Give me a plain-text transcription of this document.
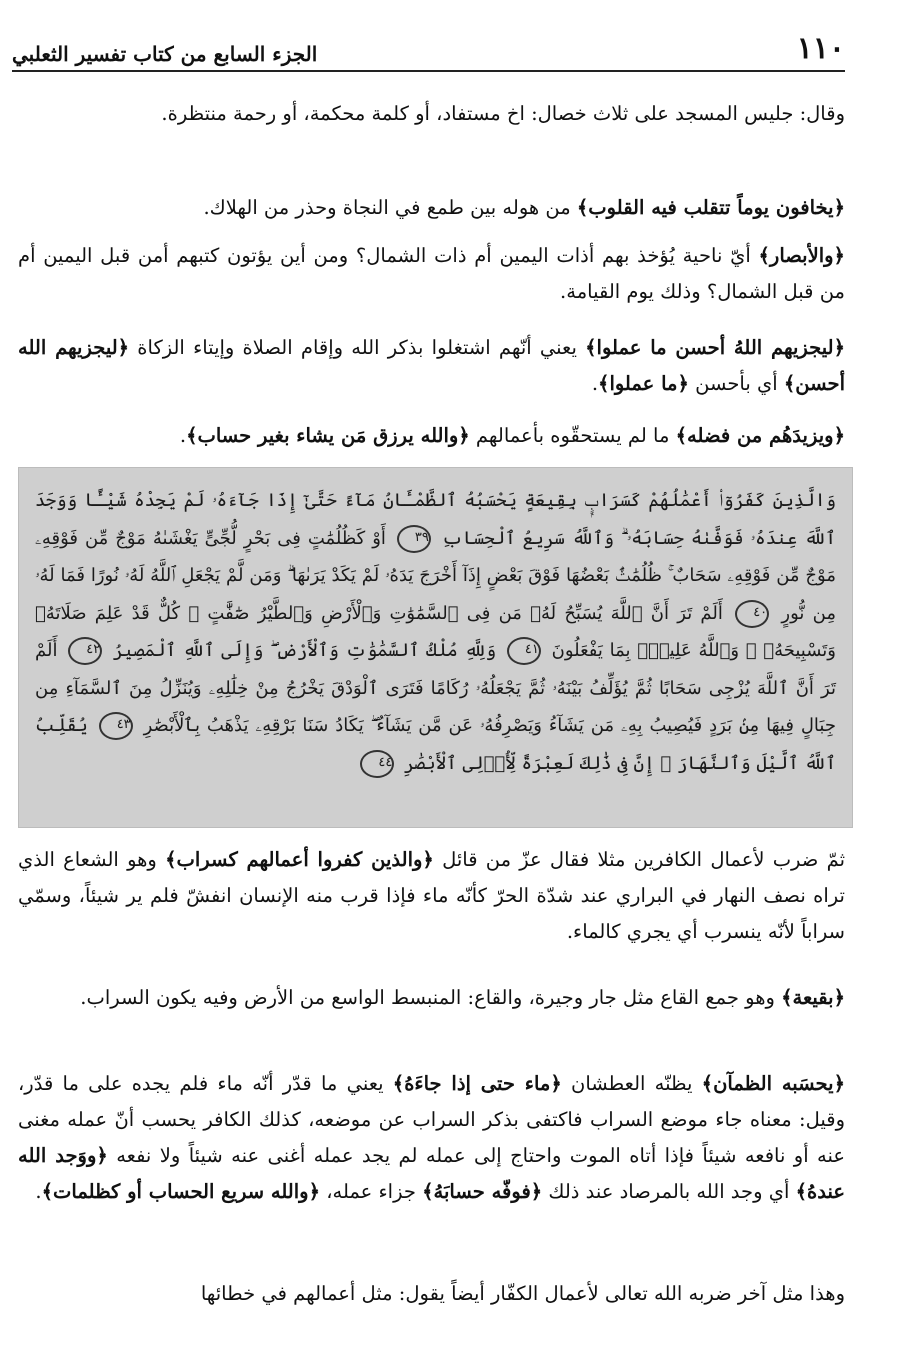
١١٠
الجزء السابع من كتاب تفسير الثعلبي
وقال: جليس المسجد على ثلاث خصال: اخ مستفاد، أو كلمة محكمة، أو رحمة منتظرة.
﴿يخافون يوماً تتقلب فيه القلوب﴾ من هوله بين طمع في النجاة وحذر من الهلاك.
﴿والأبصار﴾ أيّ ناحية يُؤخذ بهم أذات اليمين أم ذات الشمال؟ ومن أين يؤتون كتبهم أمن قبل اليمين أم من قبل الشمال؟ وذلك يوم القيامة.
﴿ليجزيهم اللهُ أحسن ما عملوا﴾ يعني أنّهم اشتغلوا بذكر الله وإقام الصلاة وإيتاء الزكاة ﴿ليجزيهم الله أحسن﴾ أي بأحسن ﴿ما عملوا﴾.
﴿ويزيدَهُم من فضله﴾ ما لم يستحقّوه بأعمالهم ﴿والله يرزق مَن يشاء بغير حساب﴾.
وَالَّذِينَ كَفَرُوٓا۟ أَعْمَٰلُهُمْ كَسَرَابٍۭ بِقِيعَةٍ يَحْسَبُهُ ٱلظَّمْـَٔانُ مَآءً حَتَّىٰٓ إِذَا جَآءَهُۥ لَمْ يَجِدْهُ شَيْـًٔا وَوَجَدَ ٱللَّهَ عِندَهُۥ فَوَفَّىٰهُ حِسَابَهُۥ ۗ وَٱللَّهُ سَرِيعُ ٱلْحِسَابِ ٣٩ أَوْ كَظُلُمَٰتٍ فِى بَحْرٍ لُّجِّىٍّ يَغْشَىٰهُ مَوْجٌ مِّن فَوْقِهِۦ مَوْجٌ مِّن فَوْقِهِۦ سَحَابٌ ۚ ظُلُمَٰتٌۢ بَعْضُهَا فَوْقَ بَعْضٍ إِذَآ أَخْرَجَ يَدَهُۥ لَمْ يَكَدْ يَرَىٰهَا ۗ وَمَن لَّمْ يَجْعَلِ ٱللَّهُ لَهُۥ نُورًا فَمَا لَهُۥ مِن نُّورٍ ٤٠ أَلَمْ تَرَ أَنَّ ٱللَّهَ يُسَبِّحُ لَهُۥ مَن فِى ٱلسَّمَٰوَٰتِ وَٱلْأَرْضِ وَٱلطَّيْرُ صَٰٓفَّٰتٍ ۖ كُلٌّ قَدْ عَلِمَ صَلَاتَهُۥ وَتَسْبِيحَهُۥ ۗ وَٱللَّهُ عَلِيمٌۢ بِمَا يَفْعَلُونَ ٤١ وَلِلَّهِ مُلْكُ ٱلسَّمَٰوَٰتِ وَٱلْأَرْضِ ۖ وَإِلَى ٱللَّهِ ٱلْمَصِيرُ ٤٢ أَلَمْ تَرَ أَنَّ ٱللَّهَ يُزْجِى سَحَابًا ثُمَّ يُؤَلِّفُ بَيْنَهُۥ ثُمَّ يَجْعَلُهُۥ رُكَامًا فَتَرَى ٱلْوَدْقَ يَخْرُجُ مِنْ خِلَٰلِهِۦ وَيُنَزِّلُ مِنَ ٱلسَّمَآءِ مِن جِبَالٍ فِيهَا مِنۢ بَرَدٍ فَيُصِيبُ بِهِۦ مَن يَشَآءُ وَيَصْرِفُهُۥ عَن مَّن يَشَآءُ ۖ يَكَادُ سَنَا بَرْقِهِۦ يَذْهَبُ بِٱلْأَبْصَٰرِ ٤٣ يُقَلِّبُ ٱللَّهُ ٱلَّيْلَ وَٱلنَّهَارَ ۚ إِنَّ فِى ذَٰلِكَ لَعِبْرَةً لِّأُو۟لِى ٱلْأَبْصَٰرِ ٤٤
ثمّ ضرب لأعمال الكافرين مثلا فقال عزّ من قائل ﴿والذين كفروا أعمالهم كسراب﴾ وهو الشعاع الذي تراه نصف النهار في البراري عند شدّة الحرّ كأنّه ماء فإذا قرب منه الإنسان انفشّ فلم ير شيئاً، وسمّي سراباً لأنّه ينسرب أي يجري كالماء.
﴿بقيعة﴾ وهو جمع القاع مثل جار وجيرة، والقاع: المنبسط الواسع من الأرض وفيه يكون السراب.
﴿يحسَبه الظمآن﴾ يظنّه العطشان ﴿ماء حتى إذا جاءَهُ﴾ يعني ما قدّر أنّه ماء فلم يجده على ما قدّر، وقيل: معناه جاء موضع السراب فاكتفى بذكر السراب عن موضعه، كذلك الكافر يحسب أنّ عمله مغنى عنه أو نافعه شيئاً فإذا أتاه الموت واحتاج إلى عمله لم يجد عمله أغنى عنه شيئاً ولا نفعه ﴿ووَجد الله عندهُ﴾ أي وجد الله بالمرصاد عند ذلك ﴿فوفّه حسابَهُ﴾ جزاء عمله، ﴿والله سريع الحساب أو كظلمات﴾.
وهذا مثل آخر ضربه الله تعالى لأعمال الكفّار أيضاً يقول: مثل أعمالهم في خطائها
